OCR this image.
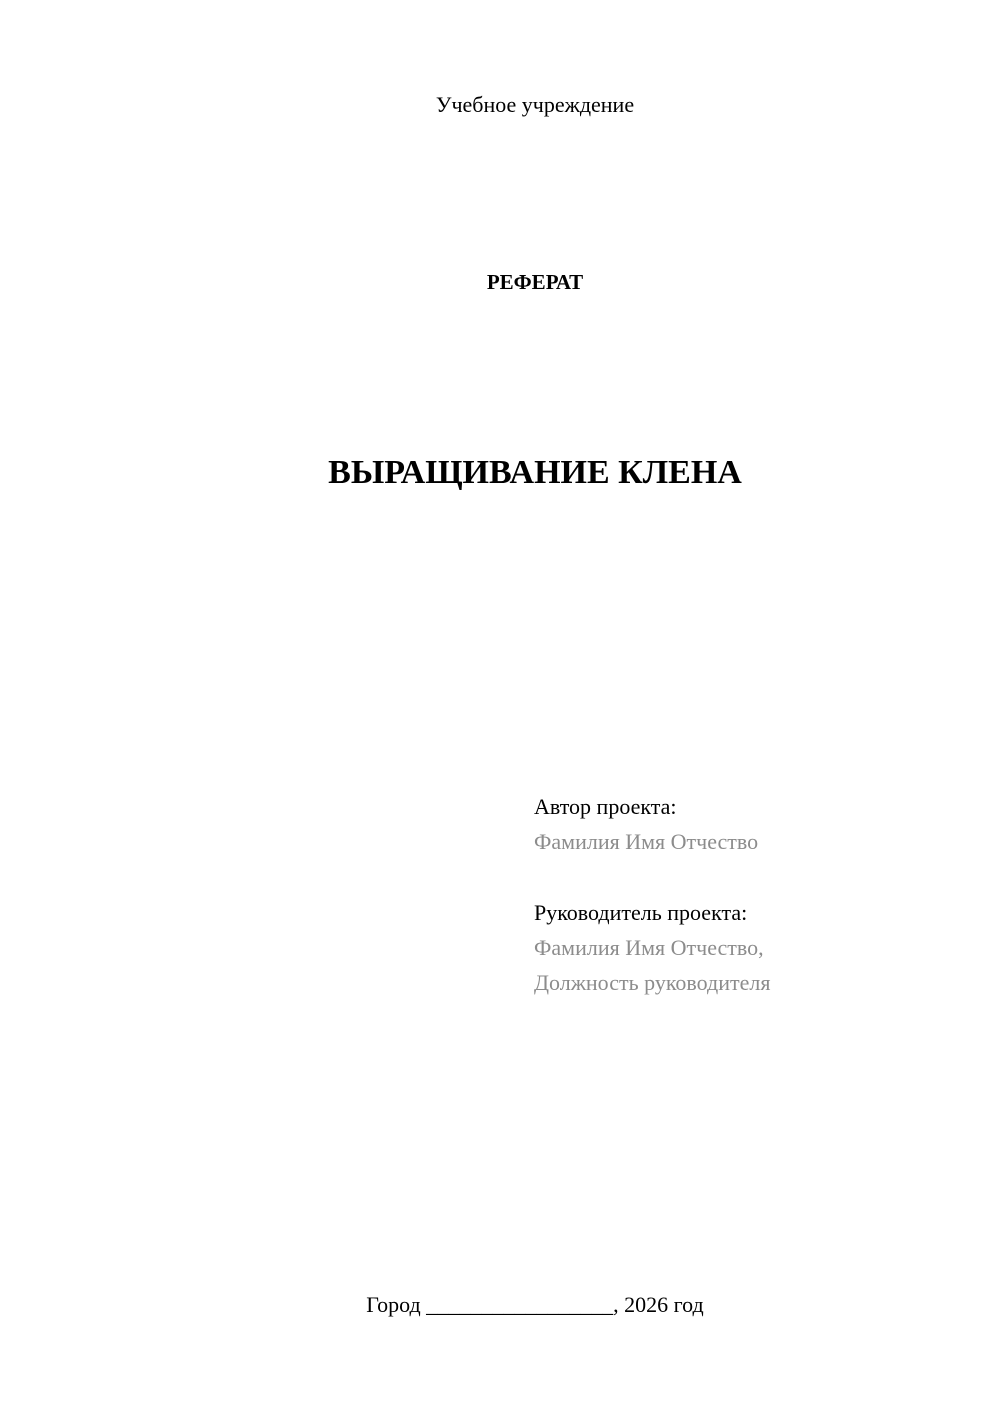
Учебное учреждение
РЕФЕРАТ
ВЫРАЩИВАНИЕ КЛЕНА
Автор проекта:
Фамилия Имя Отчество
Руководитель проекта:
Фамилия Имя Отчество,
Должность руководителя
Город _________________, 2026 год
